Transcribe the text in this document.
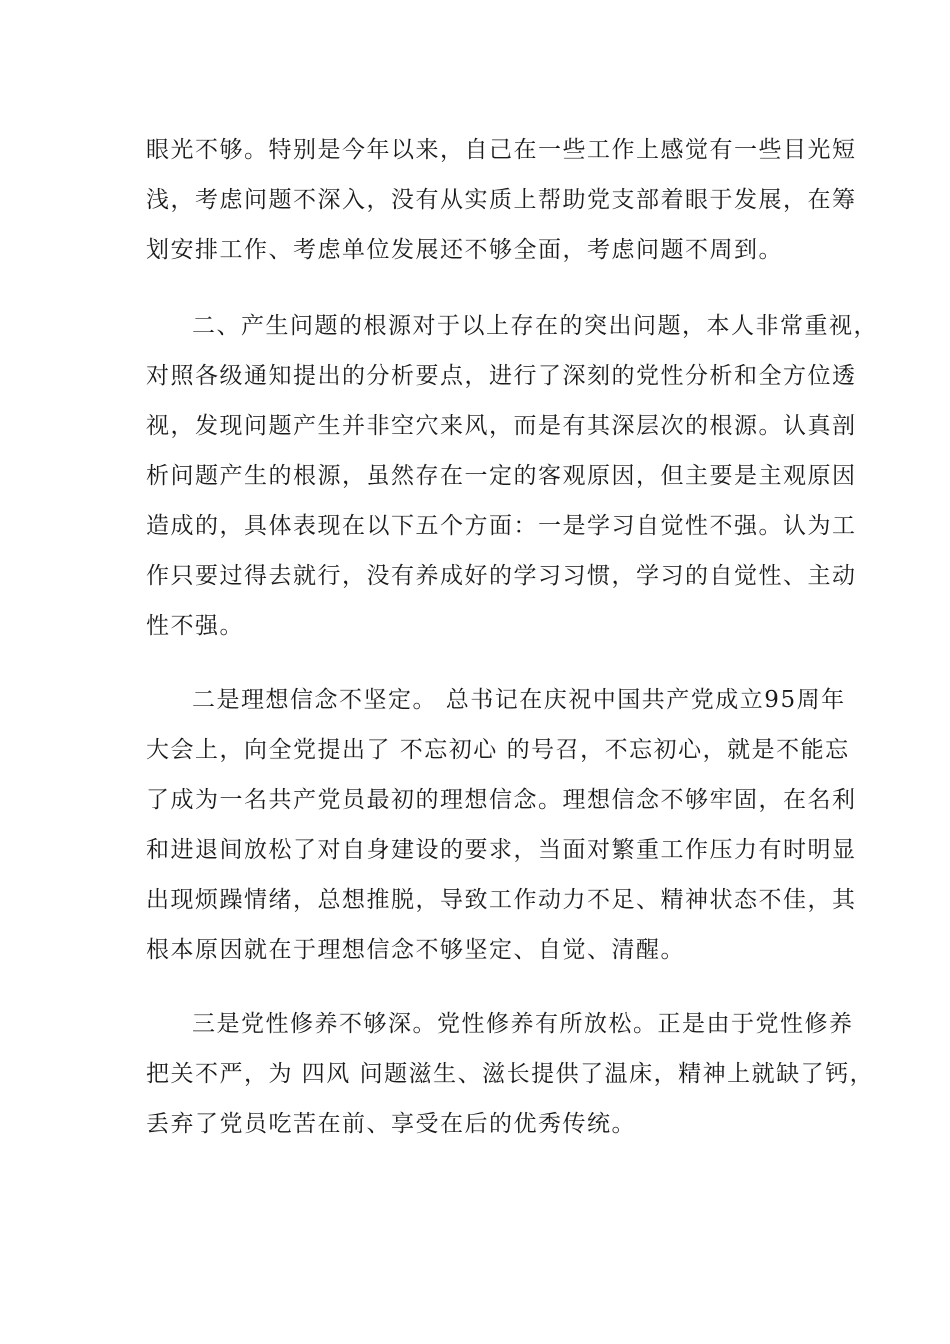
眼光不够。特别是今年以来，自己在一些工作上感觉有一些目光短
浅，考虑问题不深入，没有从实质上帮助党支部着眼于发展，在筹
划安排工作、考虑单位发展还不够全面，考虑问题不周到。
二、产生问题的根源对于以上存在的突出问题，本人非常重视，
对照各级通知提出的分析要点，进行了深刻的党性分析和全方位透
视，发现问题产生并非空穴来风，而是有其深层次的根源。认真剖
析问题产生的根源，虽然存在一定的客观原因，但主要是主观原因
造成的，具体表现在以下五个方面：一是学习自觉性不强。认为工
作只要过得去就行，没有养成好的学习习惯，学习的自觉性、主动
性不强。
二是理想信念不坚定。 总书记在庆祝中国共产党成立95周年
大会上，向全党提出了 不忘初心 的号召，不忘初心，就是不能忘
了成为一名共产党员最初的理想信念。理想信念不够牢固，在名利
和进退间放松了对自身建设的要求，当面对繁重工作压力有时明显
出现烦躁情绪，总想推脱，导致工作动力不足、精神状态不佳，其
根本原因就在于理想信念不够坚定、自觉、清醒。
三是党性修养不够深。党性修养有所放松。正是由于党性修养
把关不严，为 四风 问题滋生、滋长提供了温床，精神上就缺了钙，
丢弃了党员吃苦在前、享受在后的优秀传统。
